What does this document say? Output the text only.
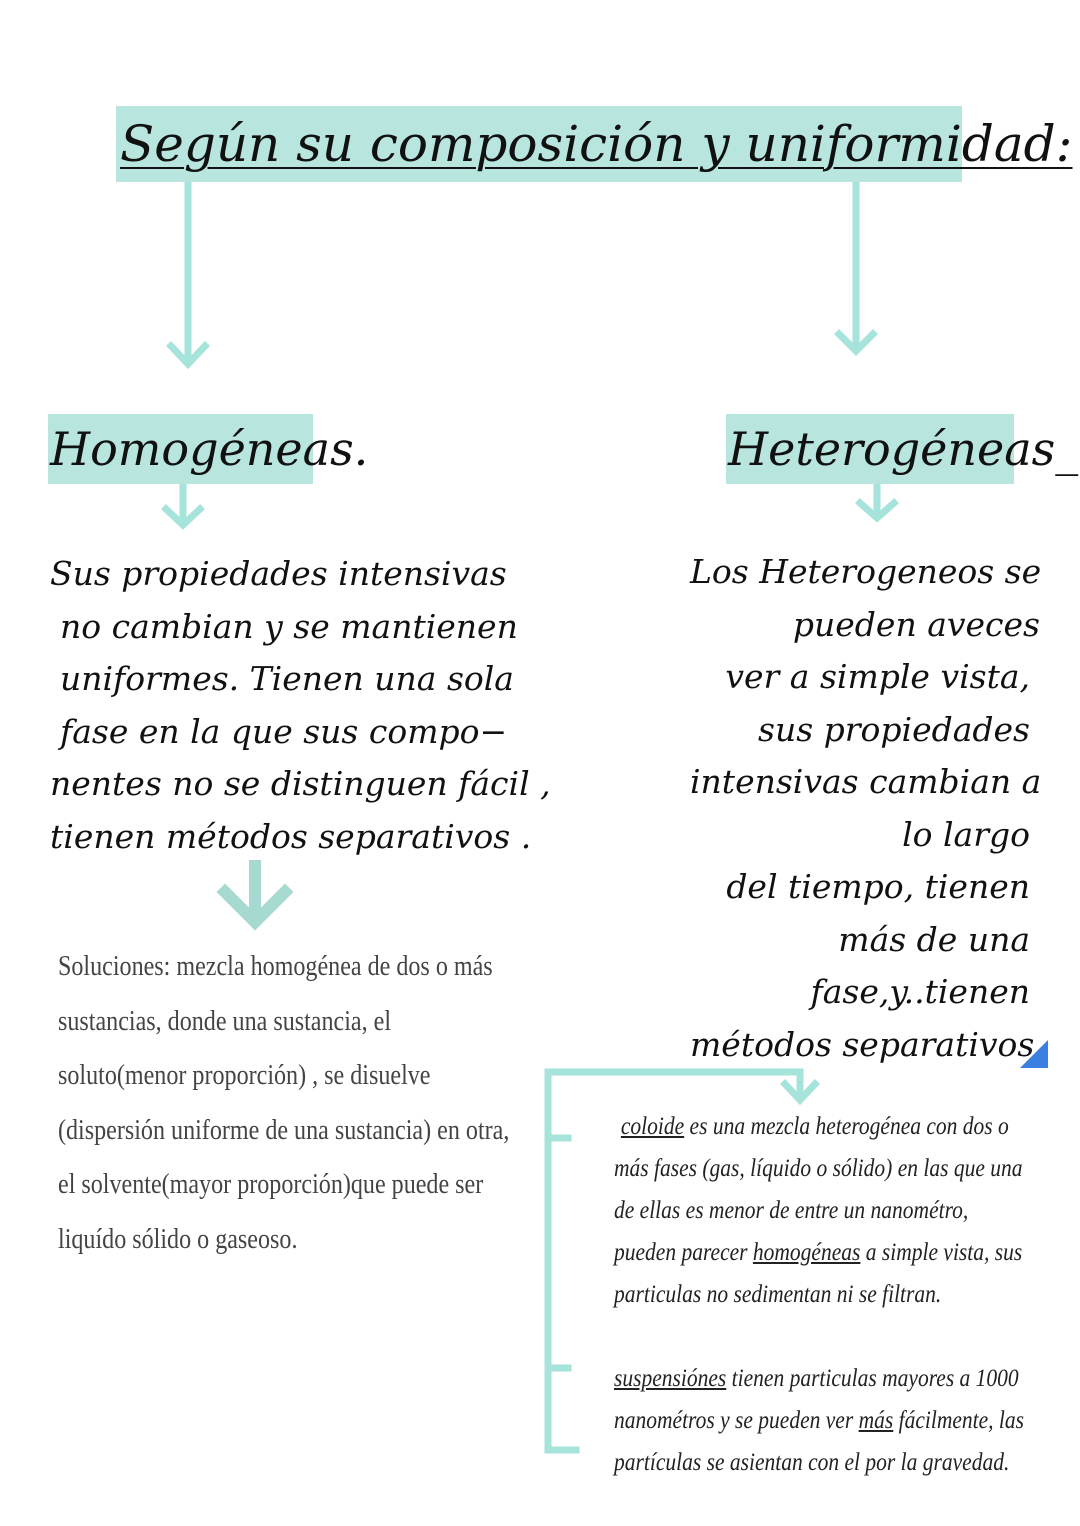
Según su composición y uniformidad:
Homogéneas.	Heterogéneas_
Sus propiedades intensivas
no cambian y se mantienen
uniformes. Tienen una sola
fase en la que sus compo−
nentes no se distinguen fácil ,
tienen métodos separativos .
Los Heterogeneos se
pueden aveces
ver a simple vista,
sus propiedades
intensivas cambian a
lo largo
del tiempo, tienen
más de una
fase,y..tienen
métodos separativos
Soluciones: mezcla homogénea de dos o más
sustancias, donde una sustancia, el
soluto(menor proporción) , se disuelve
(dispersión uniforme de una sustancia) en otra,
el solvente(mayor proporción)que puede ser
liquído sólido o gaseoso.
coloide es una mezcla heterogénea con dos o
más fases (gas, líquido o sólido) en las que una
de ellas es menor de entre un nanométro,
pueden parecer homogéneas a simple vista, sus
particulas no sedimentan ni se filtran.
suspensiónes tienen particulas mayores a 1000
nanométros y se pueden ver más fácilmente, las
partículas se asientan con el por la gravedad.
